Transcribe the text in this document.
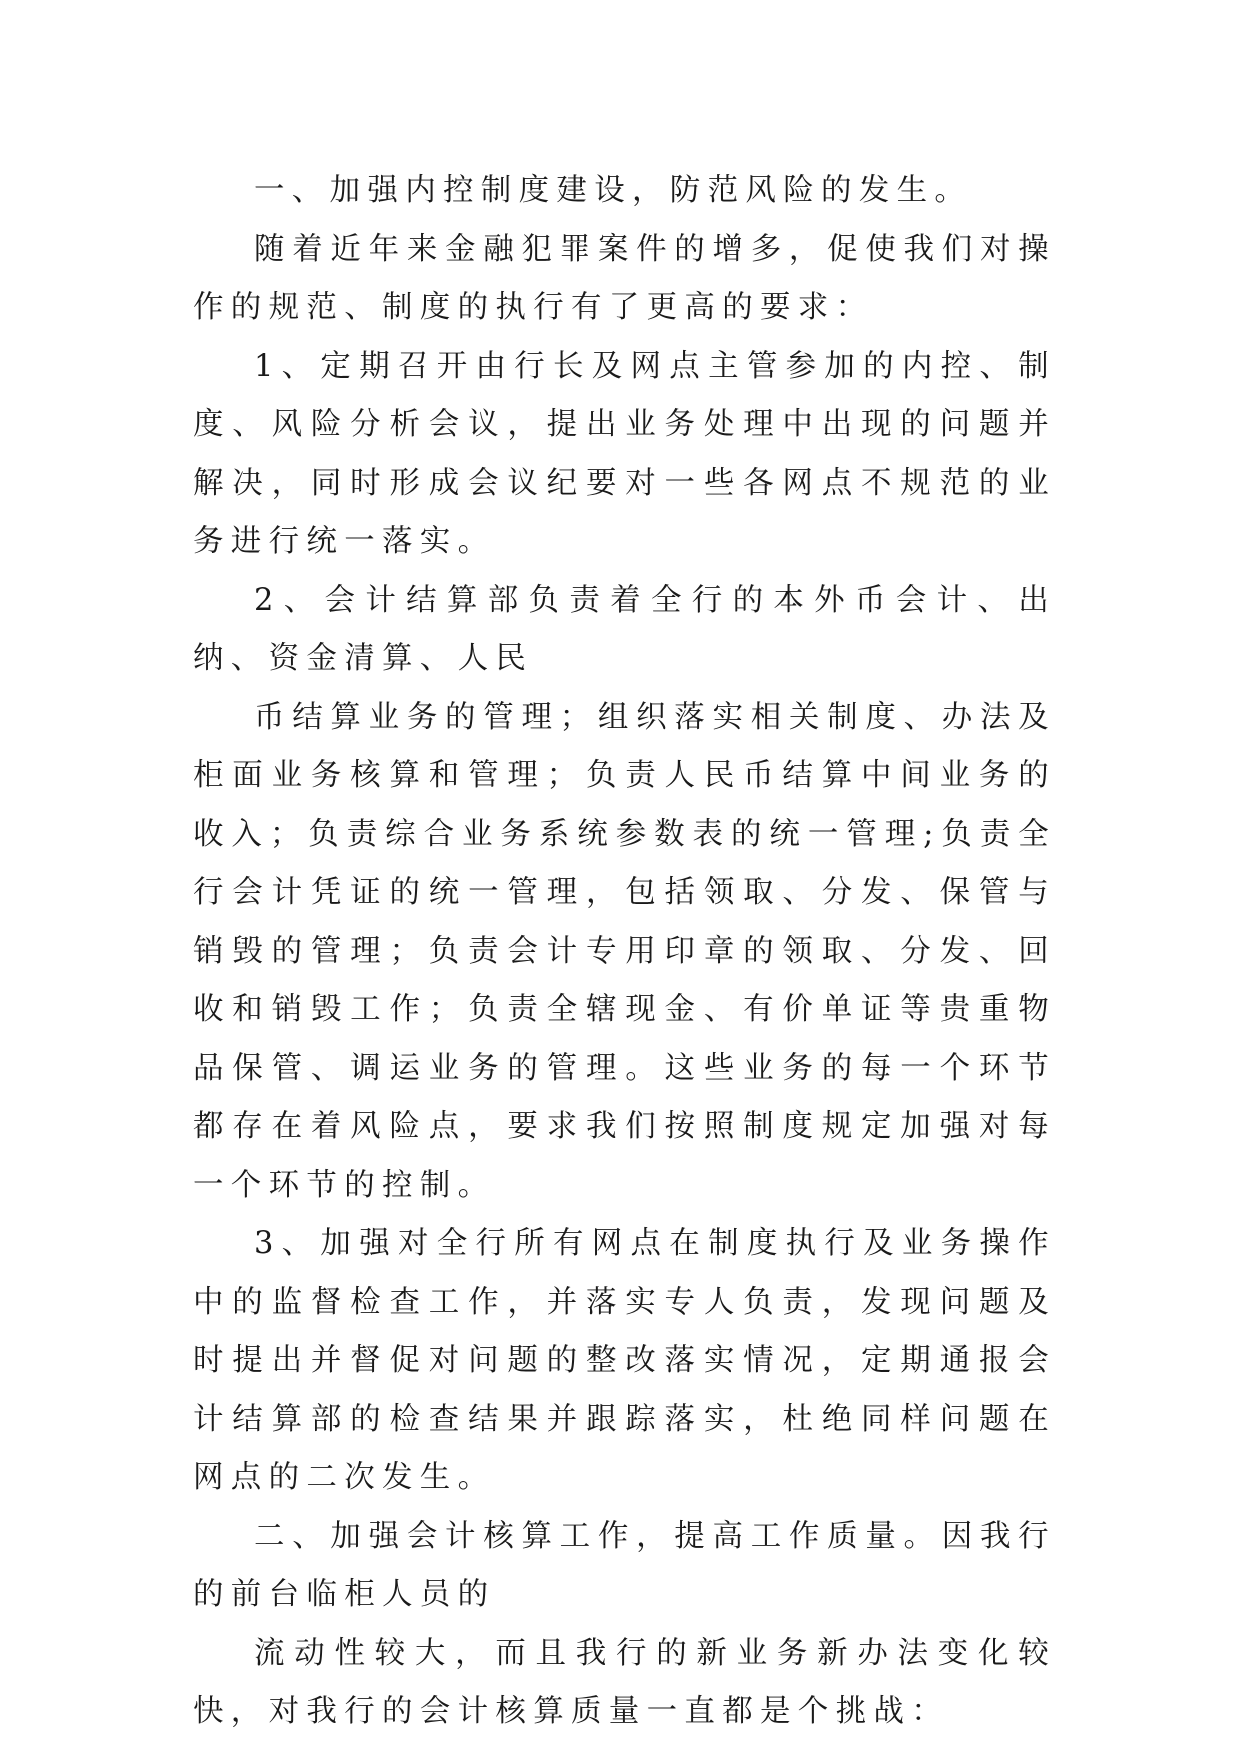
一、加强内控制度建设，防范风险的发生。

随着近年来金融犯罪案件的增多，促使我们对操作的规范、制度的执行有了更高的要求：

1、定期召开由行长及网点主管参加的内控、制度、风险分析会议，提出业务处理中出现的问题并解决，同时形成会议纪要对一些各网点不规范的业务进行统一落实。

2、会计结算部负责着全行的本外币会计、出纳、资金清算、人民

币结算业务的管理；组织落实相关制度、办法及柜面业务核算和管理；负责人民币结算中间业务的收入；负责综合业务系统参数表的统一管理;负责全行会计凭证的统一管理，包括领取、分发、保管与销毁的管理；负责会计专用印章的领取、分发、回收和销毁工作；负责全辖现金、有价单证等贵重物品保管、调运业务的管理。这些业务的每一个环节都存在着风险点，要求我们按照制度规定加强对每一个环节的控制。

3、加强对全行所有网点在制度执行及业务操作中的监督检查工作，并落实专人负责，发现问题及时提出并督促对问题的整改落实情况，定期通报会计结算部的检查结果并跟踪落实，杜绝同样问题在网点的二次发生。

二、加强会计核算工作，提高工作质量。因我行的前台临柜人员的

流动性较大，而且我行的新业务新办法变化较快，对我行的会计核算质量一直都是个挑战：
